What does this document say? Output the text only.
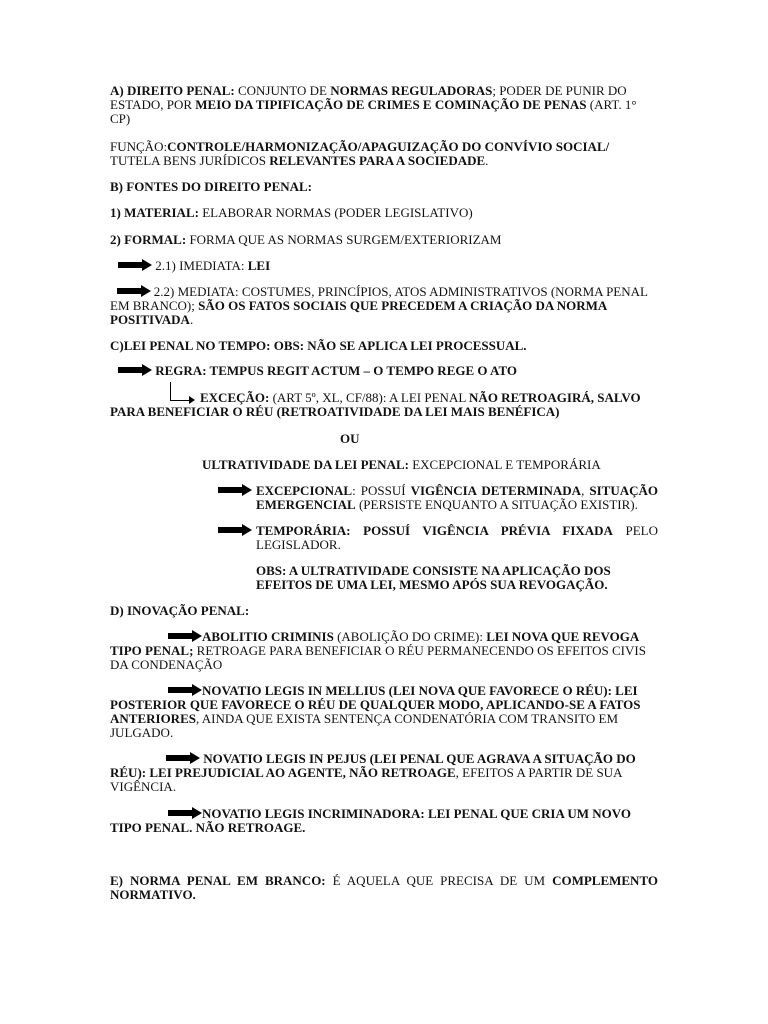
A) DIREITO PENAL: CONJUNTO DE NORMAS REGULADORAS; PODER DE PUNIR DO ESTADO, POR MEIO DA TIPIFICAÇÃO DE CRIMES E COMINAÇÃO DE PENAS (ART. 1° CP)

FUNÇÃO:CONTROLE/HARMONIZAÇÃO/APAGUIZAÇÃO DO CONVÍVIO SOCIAL/ TUTELA BENS JURÍDICOS RELEVANTES PARA A SOCIEDADE.

B) FONTES DO DIREITO PENAL:

1) MATERIAL: ELABORAR NORMAS (PODER LEGISLATIVO)

2) FORMAL: FORMA QUE AS NORMAS SURGEM/EXTERIORIZAM

2.1) IMEDIATA: LEI

2.2) MEDIATA: COSTUMES, PRINCÍPIOS, ATOS ADMINISTRATIVOS (NORMA PENAL EM BRANCO); SÃO OS FATOS SOCIAIS QUE PRECEDEM A CRIAÇÃO DA NORMA POSITIVADA.

C)LEI PENAL NO TEMPO: OBS: NÃO SE APLICA LEI PROCESSUAL.

REGRA: TEMPUS REGIT ACTUM – O TEMPO REGE O ATO

EXCEÇÃO: (ART 5º, XL, CF/88): A LEI PENAL NÃO RETROAGIRÁ, SALVO PARA BENEFICIAR O RÉU (RETROATIVIDADE DA LEI MAIS BENÉFICA)

OU

ULTRATIVIDADE DA LEI PENAL: EXCEPCIONAL E TEMPORÁRIA

EXCEPCIONAL: POSSUÍ VIGÊNCIA DETERMINADA, SITUAÇÃO EMERGENCIAL (PERSISTE ENQUANTO A SITUAÇÃO EXISTIR).

TEMPORÁRIA: POSSUÍ VIGÊNCIA PRÉVIA FIXADA PELO LEGISLADOR.

OBS: A ULTRATIVIDADE CONSISTE NA APLICAÇÃO DOS EFEITOS DE UMA LEI, MESMO APÓS SUA REVOGAÇÃO.

D) INOVAÇÃO PENAL:

ABOLITIO CRIMINIS (ABOLIÇÃO DO CRIME): LEI NOVA QUE REVOGA TIPO PENAL; RETROAGE PARA BENEFICIAR O RÉU PERMANECENDO OS EFEITOS CIVIS DA CONDENAÇÃO

NOVATIO LEGIS IN MELLIUS (LEI NOVA QUE FAVORECE O RÉU): LEI POSTERIOR QUE FAVORECE O RÉU DE QUALQUER MODO, APLICANDO-SE A FATOS ANTERIORES, AINDA QUE EXISTA SENTENÇA CONDENATÓRIA COM TRANSITO EM JULGADO.

NOVATIO LEGIS IN PEJUS (LEI PENAL QUE AGRAVA A SITUAÇÃO DO RÉU): LEI PREJUDICIAL AO AGENTE, NÃO RETROAGE, EFEITOS A PARTIR DE SUA VIGÊNCIA.

NOVATIO LEGIS INCRIMINADORA: LEI PENAL QUE CRIA UM NOVO TIPO PENAL. NÃO RETROAGE.

E) NORMA PENAL EM BRANCO: É AQUELA QUE PRECISA DE UM COMPLEMENTO NORMATIVO.
